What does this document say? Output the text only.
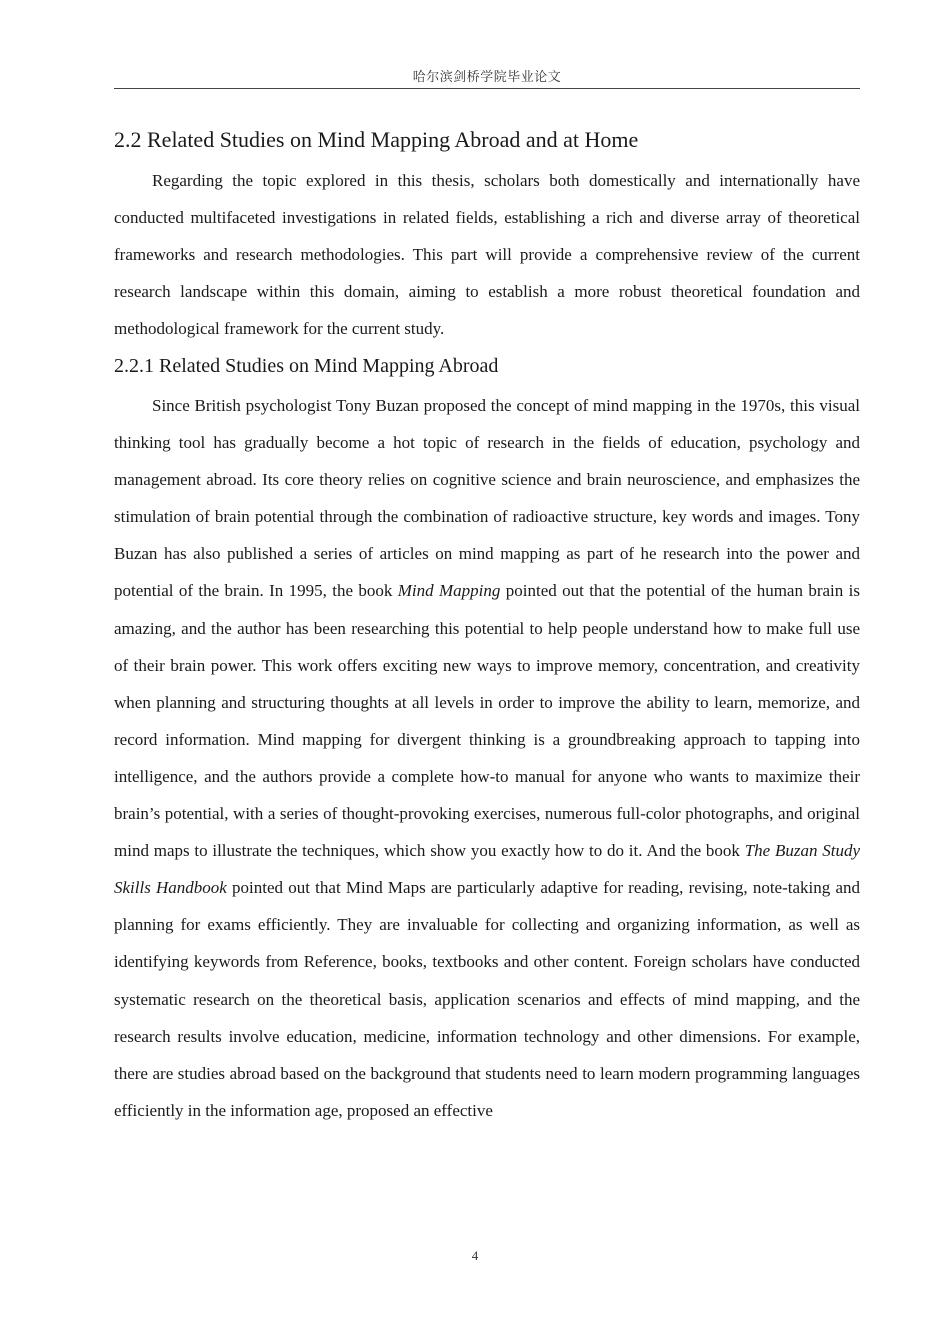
哈尔滨剑桥学院毕业论文
2.2 Related Studies on Mind Mapping Abroad and at Home

Regarding the topic explored in this thesis, scholars both domestically and internationally have conducted multifaceted investigations in related fields, establishing a rich and diverse array of theoretical frameworks and research methodologies. This part will provide a comprehensive review of the current research landscape within this domain, aiming to establish a more robust theoretical foundation and methodological framework for the current study.

2.2.1 Related Studies on Mind Mapping Abroad

Since British psychologist Tony Buzan proposed the concept of mind mapping in the 1970s, this visual thinking tool has gradually become a hot topic of research in the fields of education, psychology and management abroad. Its core theory relies on cognitive science and brain neuroscience, and emphasizes the stimulation of brain potential through the combination of radioactive structure, key words and images. Tony Buzan has also published a series of articles on mind mapping as part of he research into the power and potential of the brain. In 1995, the book Mind Mapping pointed out that the potential of the human brain is amazing, and the author has been researching this potential to help people understand how to make full use of their brain power. This work offers exciting new ways to improve memory, concentration, and creativity when planning and structuring thoughts at all levels in order to improve the ability to learn, memorize, and record information. Mind mapping for divergent thinking is a groundbreaking approach to tapping into intelligence, and the authors provide a complete how-to manual for anyone who wants to maximize their brain’s potential, with a series of thought-provoking exercises, numerous full-color photographs, and original mind maps to illustrate the techniques, which show you exactly how to do it. And the book The Buzan Study Skills Handbook pointed out that Mind Maps are particularly adaptive for reading, revising, note-taking and planning for exams efficiently. They are invaluable for collecting and organizing information, as well as identifying keywords from Reference, books, textbooks and other content. Foreign scholars have conducted systematic research on the theoretical basis, application scenarios and effects of mind mapping, and the research results involve education, medicine, information technology and other dimensions. For example, there are studies abroad based on the background that students need to learn modern programming languages efficiently in the information age, proposed an effective

4
